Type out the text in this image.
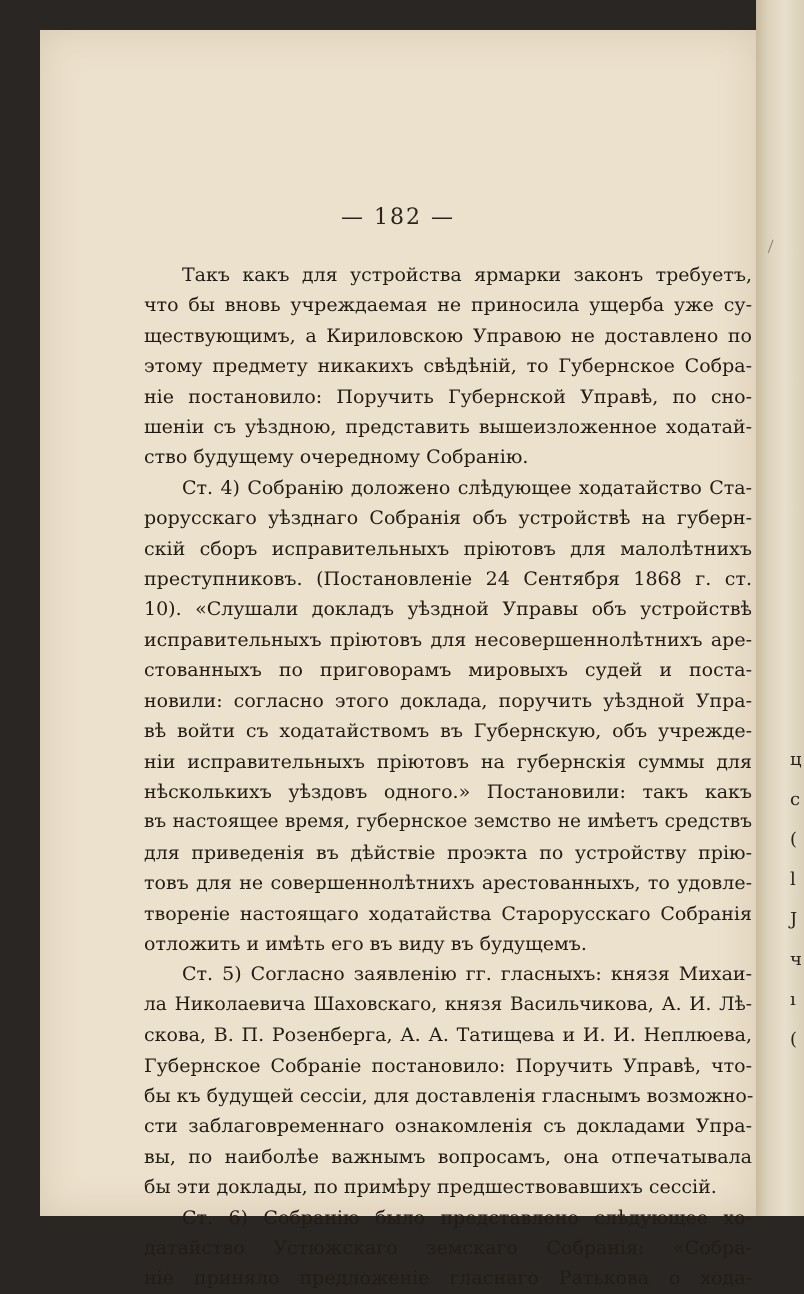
ц
с
(
l
J
ч
ı
(
— 182 —
Такъ какъ для устройства ярмарки законъ требуетъ,
что бы вновь учреждаемая не приносила ущерба уже су-
ществующимъ, а Кириловскою Управою не доставлено по
этому предмету никакихъ свѣдѣнiй, то Губернское Собра-
нiе постановило: Поручить Губернской Управѣ, по сно-
шенiи съ уѣздною, представить вышеизложенное ходатай-
ство будущему очередному Собранiю.
Ст. 4) Собранiю доложено слѣдующее ходатайство Ста-
рорусскаго уѣзднаго Собранiя объ устройствѣ на губерн-
скiй сборъ исправительныхъ прiютовъ для малолѣтнихъ
преступниковъ. (Постановленiе 24 Сентября 1868 г. ст.
10). «Слушали докладъ уѣздной Управы объ устройствѣ
исправительныхъ прiютовъ для несовершеннолѣтнихъ аре-
стованныхъ по приговорамъ мировыхъ судей и поста-
новили: согласно этого доклада, поручить уѣздной Упра-
вѣ войти съ ходатайствомъ въ Губернскую, объ учрежде-
нiи исправительныхъ прiютовъ на губернскiя суммы для
нѣсколькихъ уѣздовъ одного.» Постановили: такъ какъ
въ настоящее время, губернское земство не имѣетъ средствъ
для приведенiя въ дѣйствiе проэкта по устройству прiю-
товъ для не совершеннолѣтнихъ арестованныхъ, то удовле-
творенiе настоящаго ходатайства Старорусскаго Собранiя
отложить и имѣть его въ виду въ будущемъ.
Ст. 5) Согласно заявленiю гг. гласныхъ: князя Михаи-
ла Николаевича Шаховскаго, князя Васильчикова, А. И. Лѣ-
скова, В. П. Розенберга, А. А. Татищева и И. И. Неплюева,
Губернское Собранiе постановило: Поручить Управѣ, что-
бы къ будущей сессiи, для доставленiя гласнымъ возможно-
сти заблаговременнаго ознакомленiя съ докладами Упра-
вы, по наиболѣе важнымъ вопросамъ, она отпечатывала
бы эти доклады, по примѣру предшествовавшихъ сессiй.
Ст. 6) Собранiю было представлено слѣдующее хо-
датайство Устюжскаго земскаго Собранiя: «Собра-
нiе приняло предложенiе гласнаго Ратькова о хода-
